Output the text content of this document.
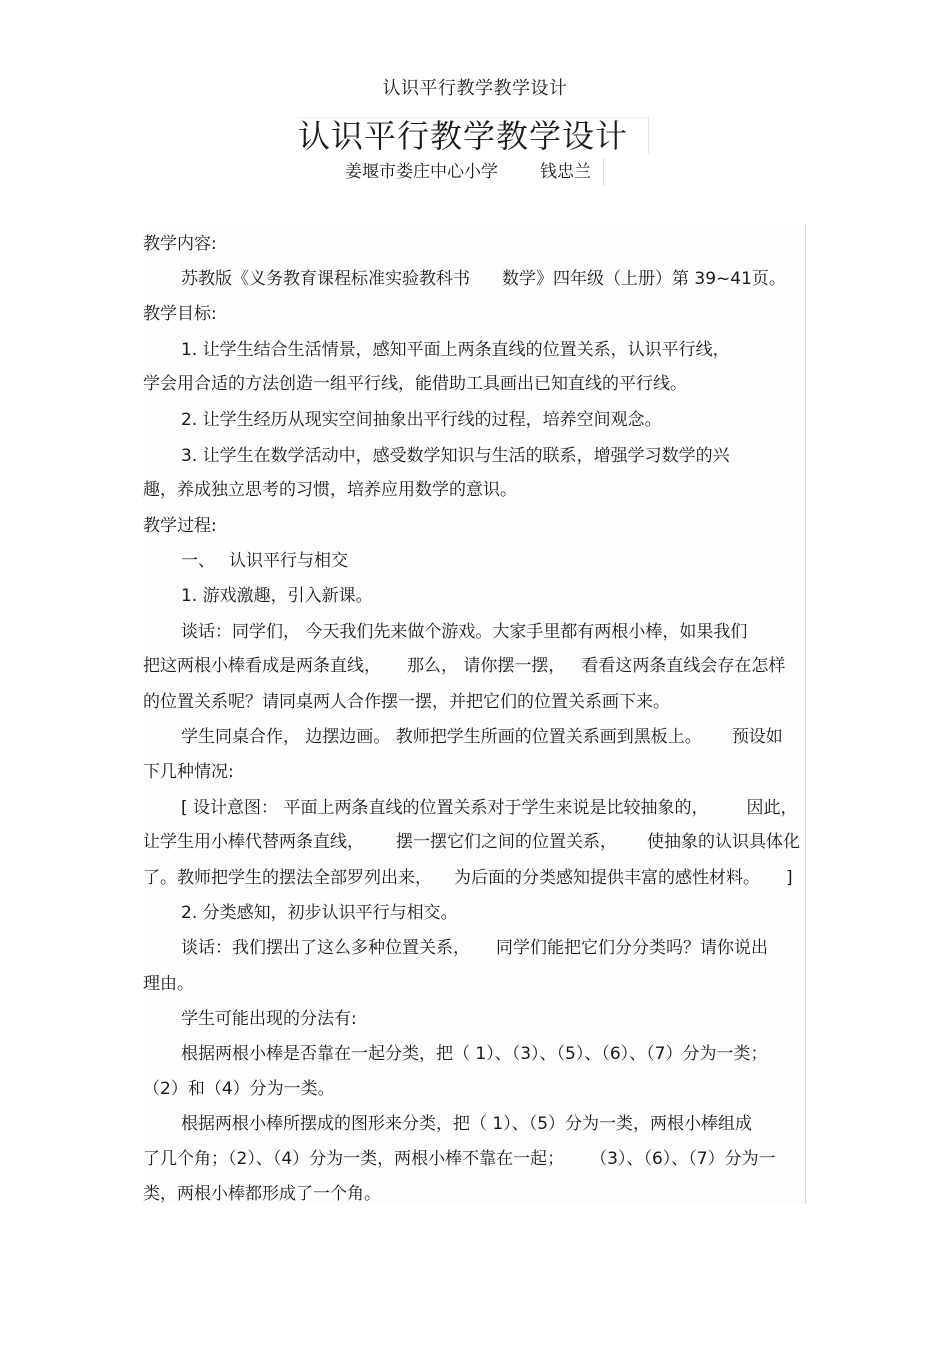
认识平行教学教学设计
认识平行教学教学设计
姜堰市娄庄中心小学 钱忠兰
教学内容:
苏教版《义务教育课程标准实验教科书 数学》四年级（上册）第 39~41页。
教学目标:
1. 让学生结合生活情景，感知平面上两条直线的位置关系，认识平行线，
学会用合适的方法创造一组平行线，能借助工具画出已知直线的平行线。
2. 让学生经历从现实空间抽象出平行线的过程，培养空间观念。
3. 让学生在数学活动中，感受数学知识与生活的联系，增强学习数学的兴
趣，养成独立思考的习惯，培养应用数学的意识。
教学过程:
一、 认识平行与相交
1. 游戏激趣，引入新课。
谈话：同学们， 今天我们先来做个游戏。大家手里都有两根小棒，如果我们
把这两根小棒看成是两条直线， 那么， 请你摆一摆， 看看这两条直线会存在怎样
的位置关系呢？请同桌两人合作摆一摆，并把它们的位置关系画下来。
学生同桌合作， 边摆边画。 教师把学生所画的位置关系画到黑板上。 预设如
下几种情况:
[ 设计意图： 平面上两条直线的位置关系对于学生来说是比较抽象的， 因此，
让学生用小棒代替两条直线， 摆一摆它们之间的位置关系， 使抽象的认识具体化
了。教师把学生的摆法全部罗列出来， 为后面的分类感知提供丰富的感性材料。 ]
2. 分类感知，初步认识平行与相交。
谈话：我们摆出了这么多种位置关系， 同学们能把它们分分类吗？请你说出
理由。
学生可能出现的分法有:
根据两根小棒是否靠在一起分类，把（ 1）、（3）、（5）、（6）、（7）分为一类；
（2）和（4）分为一类。
根据两根小棒所摆成的图形来分类，把（ 1）、（5）分为一类，两根小棒组成
了几个角；（2）、（4）分为一类，两根小棒不靠在一起； （3）、（6）、（7）分为一
类，两根小棒都形成了一个角。
